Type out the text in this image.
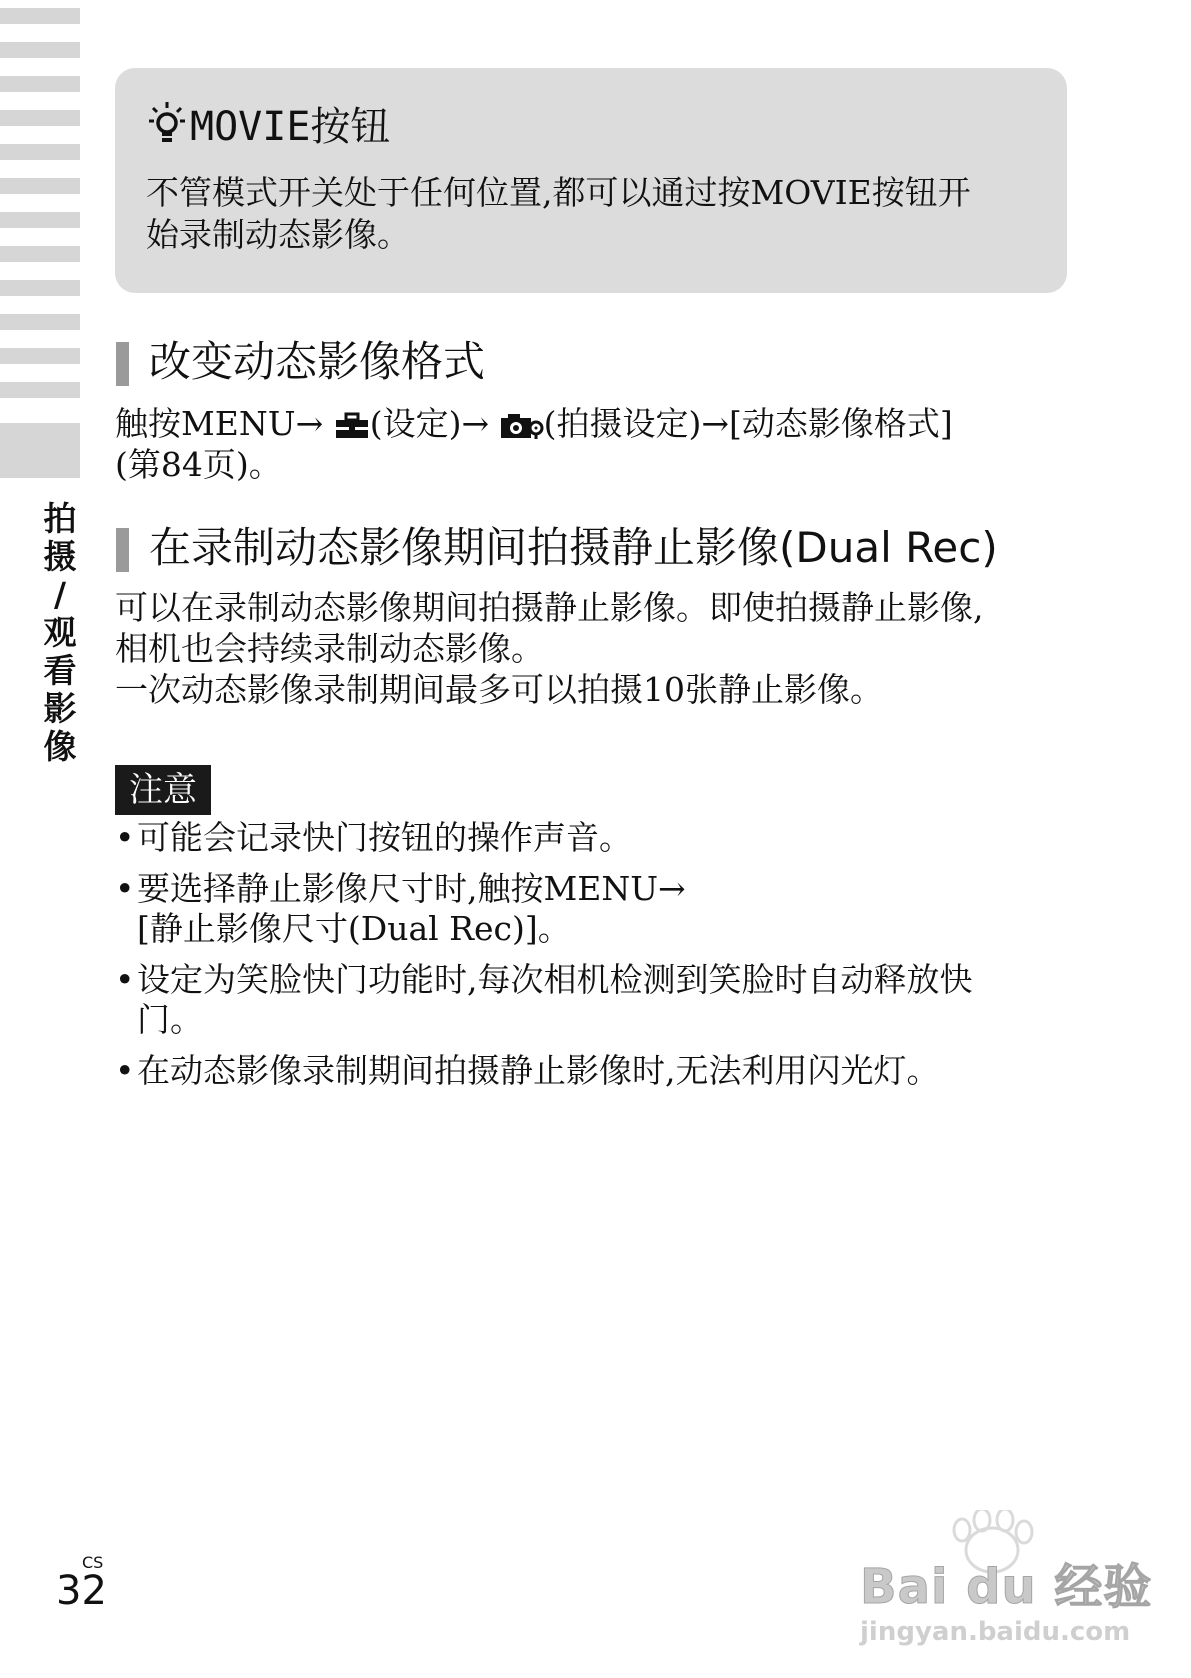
拍
摄
/
观
看
影
像
MOVIE按钮
不管模式开关处于任何位置,都可以通过按MOVIE按钮开
始录制动态影像。
改变动态影像格式
触按MENU→ (设定)→ (拍摄设定)→[动态影像格式]
(第84页)。
在录制动态影像期间拍摄静止影像(Dual Rec)
可以在录制动态影像期间拍摄静止影像。即使拍摄静止影像,
相机也会持续录制动态影像。
一次动态影像录制期间最多可以拍摄10张静止影像。
注意
• 可能会记录快门按钮的操作声音。
• 要选择静止影像尺寸时,触按MENU→
[静止影像尺寸(Dual Rec)]。
• 设定为笑脸快门功能时,每次相机检测到笑脸时自动释放快
门。
• 在动态影像录制期间拍摄静止影像时,无法利用闪光灯。
CS
32	Bai du 经验
jingyan.baidu.com
